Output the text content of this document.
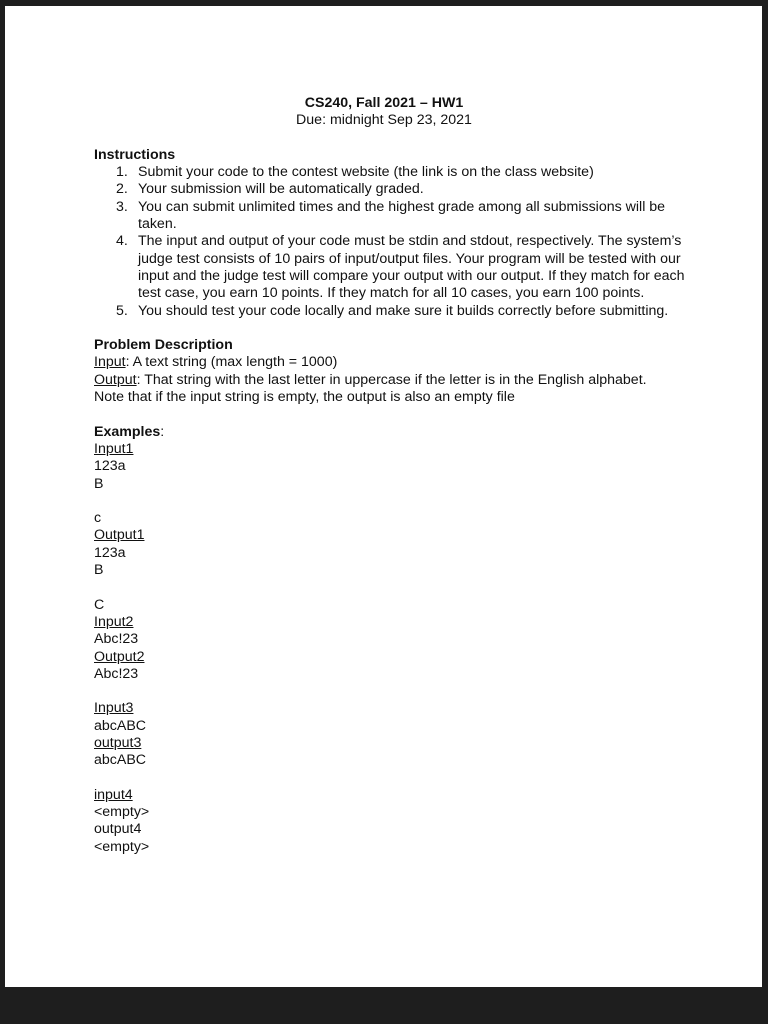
CS240, Fall 2021 – HW1
Due: midnight Sep 23, 2021
Instructions
1. Submit your code to the contest website (the link is on the class website)
2. Your submission will be automatically graded.
3. You can submit unlimited times and the highest grade among all submissions will be taken.
4. The input and output of your code must be stdin and stdout, respectively. The system’s judge test consists of 10 pairs of input/output files. Your program will be tested with our input and the judge test will compare your output with our output. If they match for each test case, you earn 10 points. If they match for all 10 cases, you earn 100 points.
5. You should test your code locally and make sure it builds correctly before submitting.
Problem Description
Input: A text string (max length = 1000)
Output: That string with the last letter in uppercase if the letter is in the English alphabet.
Note that if the input string is empty, the output is also an empty file
Examples:
Input1
123a
B
c
Output1
123a
B
C
Input2
Abc!23
Output2
Abc!23
Input3
abcABC
output3
abcABC
input4
<empty>
output4
<empty>
